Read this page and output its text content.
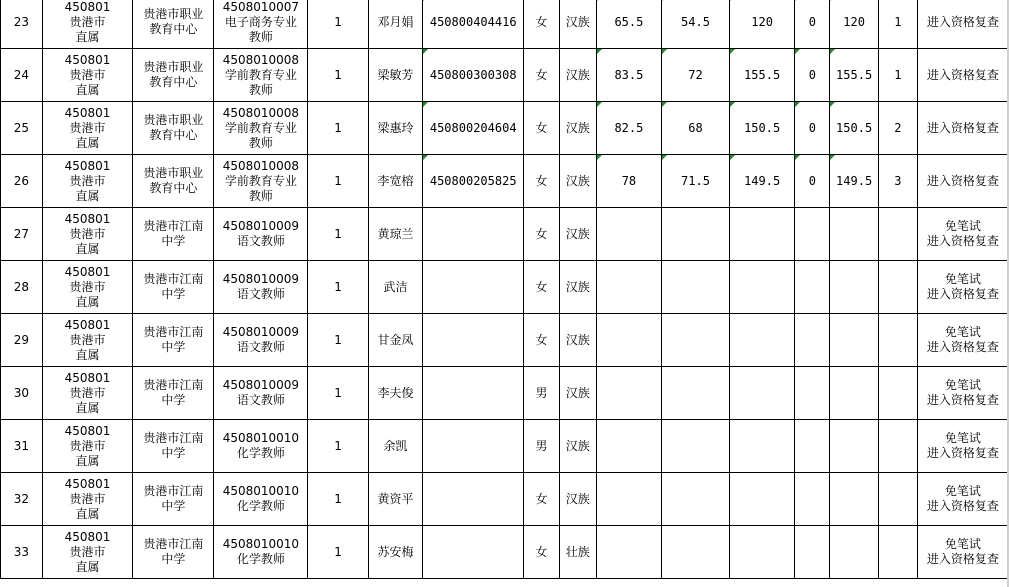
23	450801
贵港市
直属	贵港市职业
教育中心	4508010007
电子商务专业
教师	1	邓月娟	450800404416	女	汉族	65.5	54.5	120	0	120	1	进入资格复查
24	450801
贵港市
直属	贵港市职业
教育中心	4508010008
学前教育专业
教师	1	梁敏芳	450800300308	女	汉族	83.5	72	155.5	0	155.5	1	进入资格复查
25	450801
贵港市
直属	贵港市职业
教育中心	4508010008
学前教育专业
教师	1	梁惠玲	450800204604	女	汉族	82.5	68	150.5	0	150.5	2	进入资格复查
26	450801
贵港市
直属	贵港市职业
教育中心	4508010008
学前教育专业
教师	1	李宽榕	450800205825	女	汉族	78	71.5	149.5	0	149.5	3	进入资格复查
27	450801
贵港市
直属	贵港市江南
中学	4508010009
语文教师	1	黄琼兰		女	汉族							免笔试
进入资格复查
28	450801
贵港市
直属	贵港市江南
中学	4508010009
语文教师	1	武洁		女	汉族							免笔试
进入资格复查
29	450801
贵港市
直属	贵港市江南
中学	4508010009
语文教师	1	甘金凤		女	汉族							免笔试
进入资格复查
30	450801
贵港市
直属	贵港市江南
中学	4508010009
语文教师	1	李夫俊		男	汉族							免笔试
进入资格复查
31	450801
贵港市
直属	贵港市江南
中学	4508010010
化学教师	1	余凯		男	汉族							免笔试
进入资格复查
32	450801
贵港市
直属	贵港市江南
中学	4508010010
化学教师	1	黄资平		女	汉族							免笔试
进入资格复查
33	450801
贵港市
直属	贵港市江南
中学	4508010010
化学教师	1	苏安梅		女	壮族							免笔试
进入资格复查
